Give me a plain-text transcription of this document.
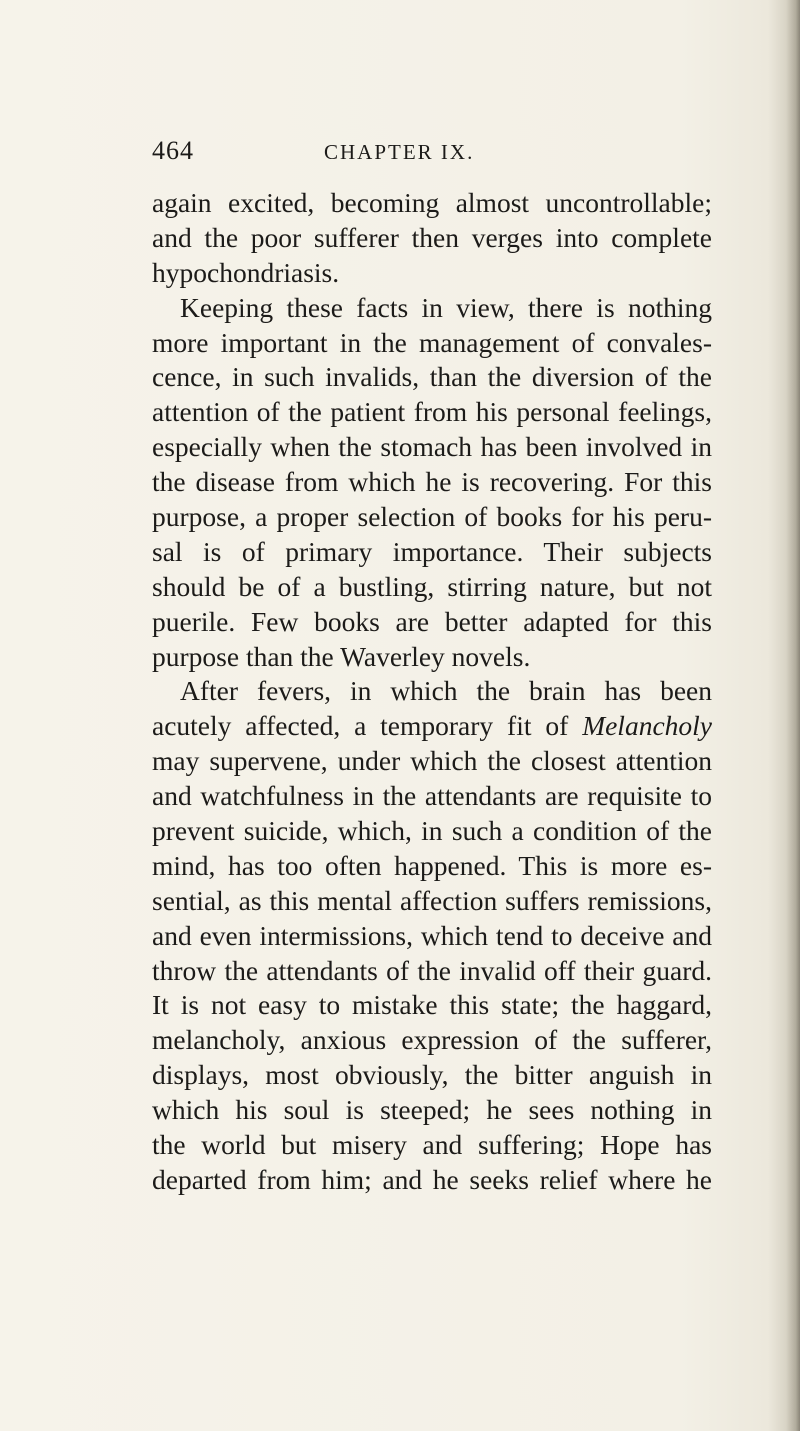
464	CHAPTER IX.
again excited, becoming almost uncontrollable;
and the poor sufferer then verges into complete
hypochondriasis.
Keeping these facts in view, there is nothing
more important in the management of convales-
cence, in such invalids, than the diversion of the
attention of the patient from his personal feelings,
especially when the stomach has been involved in
the disease from which he is recovering. For this
purpose, a proper selection of books for his peru-
sal is of primary importance. Their subjects
should be of a bustling, stirring nature, but not
puerile. Few books are better adapted for this
purpose than the Waverley novels.
After fevers, in which the brain has been
acutely affected, a temporary fit of Melancholy
may supervene, under which the closest attention
and watchfulness in the attendants are requisite to
prevent suicide, which, in such a condition of the
mind, has too often happened. This is more es-
sential, as this mental affection suffers remissions,
and even intermissions, which tend to deceive and
throw the attendants of the invalid off their guard.
It is not easy to mistake this state; the haggard,
melancholy, anxious expression of the sufferer,
displays, most obviously, the bitter anguish in
which his soul is steeped; he sees nothing in
the world but misery and suffering; Hope has
departed from him; and he seeks relief where he
